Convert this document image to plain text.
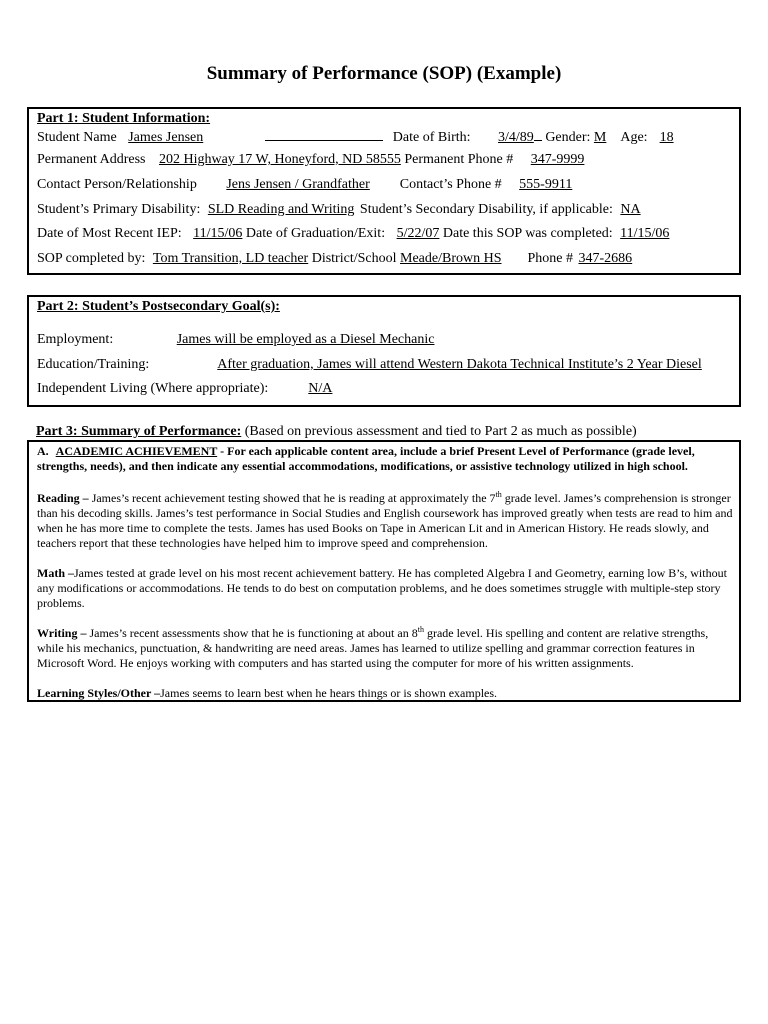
Summary of Performance (SOP) (Example)
Part 1: Student Information:
Student Name James Jensen	Date of Birth: 3/4/89 Gender: M Age: 18
Permanent Address 202 Highway 17 W, Honeyford, ND 58555 Permanent Phone # 347-9999
Contact Person/Relationship Jens Jensen / Grandfather Contact’s Phone # 555-9911
Student’s Primary Disability: SLD Reading and Writing Student’s Secondary Disability, if applicable: NA
Date of Most Recent IEP: 11/15/06 Date of Graduation/Exit: 5/22/07 Date this SOP was completed: 11/15/06
SOP completed by: Tom Transition, LD teacher District/School Meade/Brown HS Phone # 347-2686
Part 2: Student’s Postsecondary Goal(s):
Employment:	James will be employed as a Diesel Mechanic
Education/Training:	After graduation, James will attend Western Dakota Technical Institute’s 2 Year Diesel
Independent Living (Where appropriate):	N/A
Part 3: Summary of Performance: (Based on previous assessment and tied to Part 2 as much as possible)
A. ACADEMIC ACHIEVEMENT - For each applicable content area, include a brief Present Level of Performance (grade level, strengths, needs), and then indicate any essential accommodations, modifications, or assistive technology utilized in high school.
Reading – James’s recent achievement testing showed that he is reading at approximately the 7th grade level. James’s comprehension is stronger than his decoding skills. James’s test performance in Social Studies and English coursework has improved greatly when tests are read to him and when he has more time to complete the tests. James has used Books on Tape in American Lit and in American History. He reads slowly, and teachers report that these technologies have helped him to improve speed and comprehension.
Math –James tested at grade level on his most recent achievement battery. He has completed Algebra I and Geometry, earning low B’s, without any modifications or accommodations. He tends to do best on computation problems, and he does sometimes struggle with multiple-step story problems.
Writing – James’s recent assessments show that he is functioning at about an 8th grade level. His spelling and content are relative strengths, while his mechanics, punctuation, & handwriting are need areas. James has learned to utilize spelling and grammar correction features in Microsoft Word. He enjoys working with computers and has started using the computer for more of his written assignments.
Learning Styles/Other –James seems to learn best when he hears things or is shown examples.
